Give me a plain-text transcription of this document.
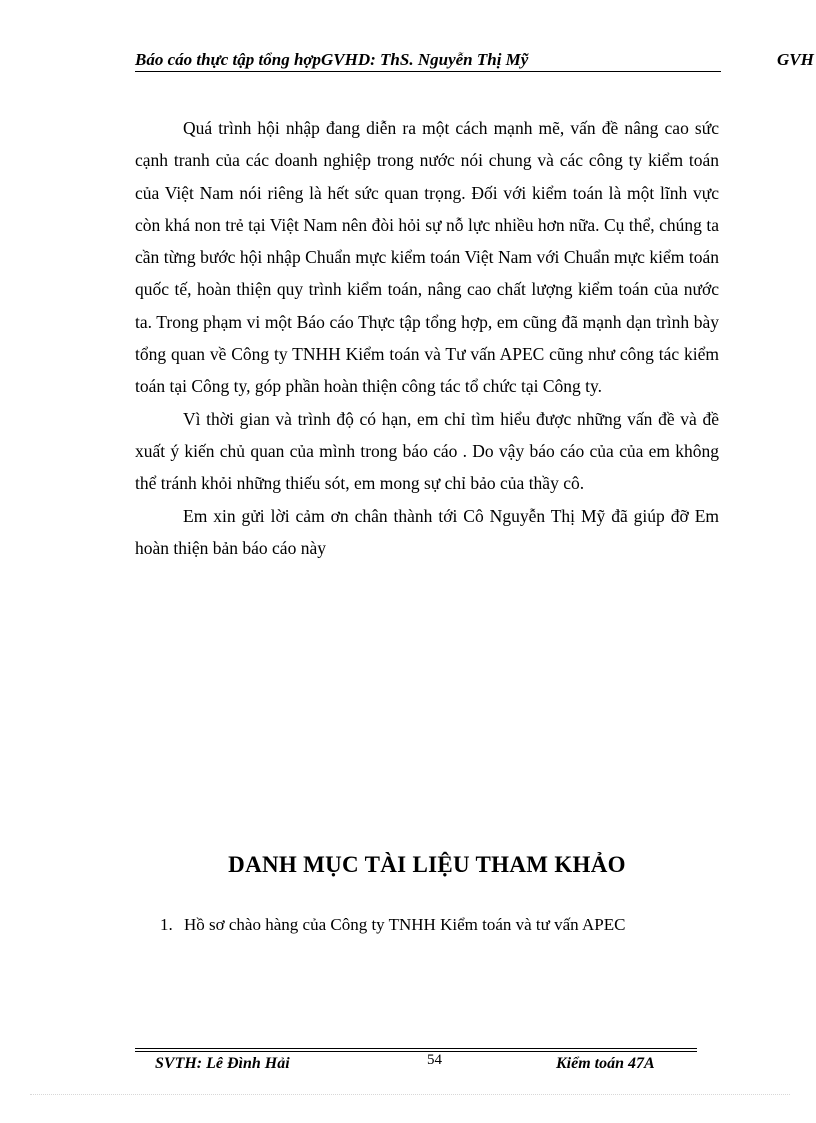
Báo cáo thực tập tổng hợpGVHD: ThS. Nguyễn Thị Mỹ	GVH

Quá trình hội nhập đang diễn ra một cách mạnh mẽ, vấn đề nâng cao sức cạnh tranh của các doanh nghiệp trong nước nói chung và các công ty kiểm toán của Việt Nam nói riêng là hết sức quan trọng. Đối với kiểm toán là một lĩnh vực còn khá non trẻ tại Việt Nam nên đòi hỏi sự nỗ lực nhiều hơn nữa. Cụ thể, chúng ta cần từng bước hội nhập Chuẩn mực kiểm toán Việt Nam với Chuẩn mực kiểm toán quốc tế, hoàn thiện quy trình kiểm toán, nâng cao chất lượng kiểm toán của nước ta. Trong phạm vi một Báo cáo Thực tập tổng hợp, em cũng đã mạnh dạn trình bày tổng quan về Công ty TNHH Kiểm toán và Tư vấn APEC cũng như công tác kiểm toán tại Công ty, góp phần hoàn thiện công tác tổ chức tại Công ty.

Vì thời gian và trình độ có hạn, em chỉ tìm hiểu được những vấn đề và đề xuất ý kiến chủ quan của mình trong báo cáo . Do vậy báo cáo của của em không thể tránh khỏi những thiếu sót, em mong sự chỉ bảo của thầy cô.

Em xin gửi lời cảm ơn chân thành tới Cô Nguyễn Thị Mỹ đã giúp đỡ Em hoàn thiện bản báo cáo này

DANH MỤC TÀI LIỆU THAM KHẢO
1. Hồ sơ chào hàng của Công ty TNHH Kiểm toán và tư vấn APEC
SVTH: Lê Đình Hải	54	Kiểm toán 47A
